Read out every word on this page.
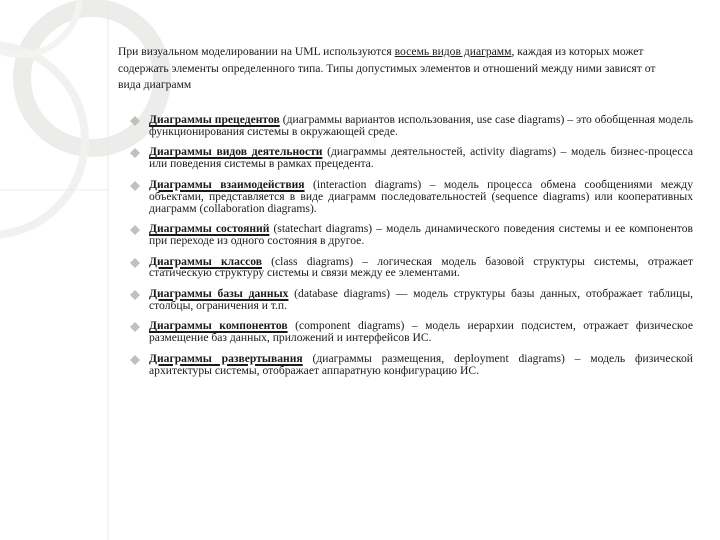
При визуальном моделировании на UML используются восемь видов диаграмм, каждая из которых может содержать элементы определенного типа. Типы допустимых элементов и отношений между ними зависят от вида диаграмм
Диаграммы прецедентов (диаграммы вариантов использования, use case diagrams) – это обобщенная модель функционирования системы в окружающей среде.
Диаграммы видов деятельности (диаграммы деятельностей, activity diagrams) – модель бизнес-процесса или поведения системы в рамках прецедента.
Диаграммы взаимодействия (interaction diagrams) – модель процесса обмена сообщениями между объектами, представляется в виде диаграмм последовательностей (sequence diagrams) или кооперативных диаграмм (collaboration diagrams).
Диаграммы состояний (statechart diagrams) – модель динамического поведения системы и ее компонентов при переходе из одного состояния в другое.
Диаграммы классов (class diagrams) – логическая модель базовой структуры системы, отражает статическую структуру системы и связи между ее элементами.
Диаграммы базы данных (database diagrams) — модель структуры базы данных, отображает таблицы, столбцы, ограничения и т.п.
Диаграммы компонентов (component diagrams) – модель иерархии подсистем, отражает физическое размещение баз данных, приложений и интерфейсов ИС.
Диаграммы развертывания (диаграммы размещения, deployment diagrams) – модель физической архитектуры системы, отображает аппаратную конфигурацию ИС.
